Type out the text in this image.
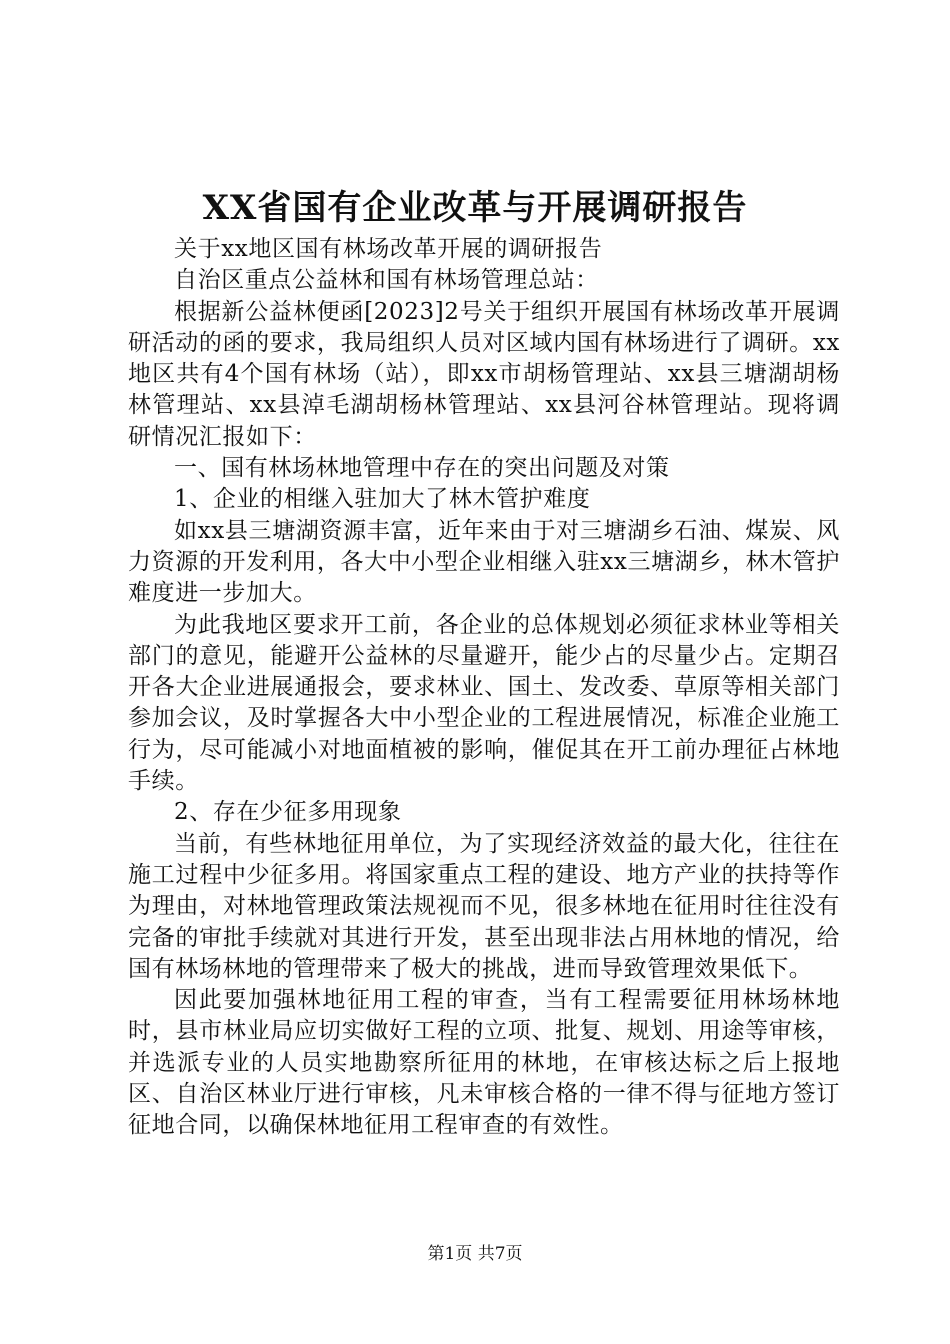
XX省国有企业改革与开展调研报告

关于xx地区国有林场改革开展的调研报告

自治区重点公益林和国有林场管理总站：

根据新公益林便函[2023]2号关于组织开展国有林场改革开展调研活动的函的要求，我局组织人员对区域内国有林场进行了调研。xx地区共有4个国有林场（站），即xx市胡杨管理站、xx县三塘湖胡杨林管理站、xx县淖毛湖胡杨林管理站、xx县河谷林管理站。现将调研情况汇报如下：

一、国有林场林地管理中存在的突出问题及对策

1、企业的相继入驻加大了林木管护难度

如xx县三塘湖资源丰富，近年来由于对三塘湖乡石油、煤炭、风力资源的开发利用，各大中小型企业相继入驻xx三塘湖乡，林木管护难度进一步加大。

为此我地区要求开工前，各企业的总体规划必须征求林业等相关部门的意见，能避开公益林的尽量避开，能少占的尽量少占。定期召开各大企业进展通报会，要求林业、国土、发改委、草原等相关部门参加会议，及时掌握各大中小型企业的工程进展情况，标准企业施工行为，尽可能减小对地面植被的影响，催促其在开工前办理征占林地手续。

2、存在少征多用现象

当前，有些林地征用单位，为了实现经济效益的最大化，往往在施工过程中少征多用。将国家重点工程的建设、地方产业的扶持等作为理由，对林地管理政策法规视而不见，很多林地在征用时往往没有完备的审批手续就对其进行开发，甚至出现非法占用林地的情况，给国有林场林地的管理带来了极大的挑战，进而导致管理效果低下。

因此要加强林地征用工程的审查，当有工程需要征用林场林地时，县市林业局应切实做好工程的立项、批复、规划、用途等审核，并选派专业的人员实地勘察所征用的林地，在审核达标之后上报地区、自治区林业厅进行审核，凡未审核合格的一律不得与征地方签订征地合同，以确保林地征用工程审查的有效性。

第1页 共7页
